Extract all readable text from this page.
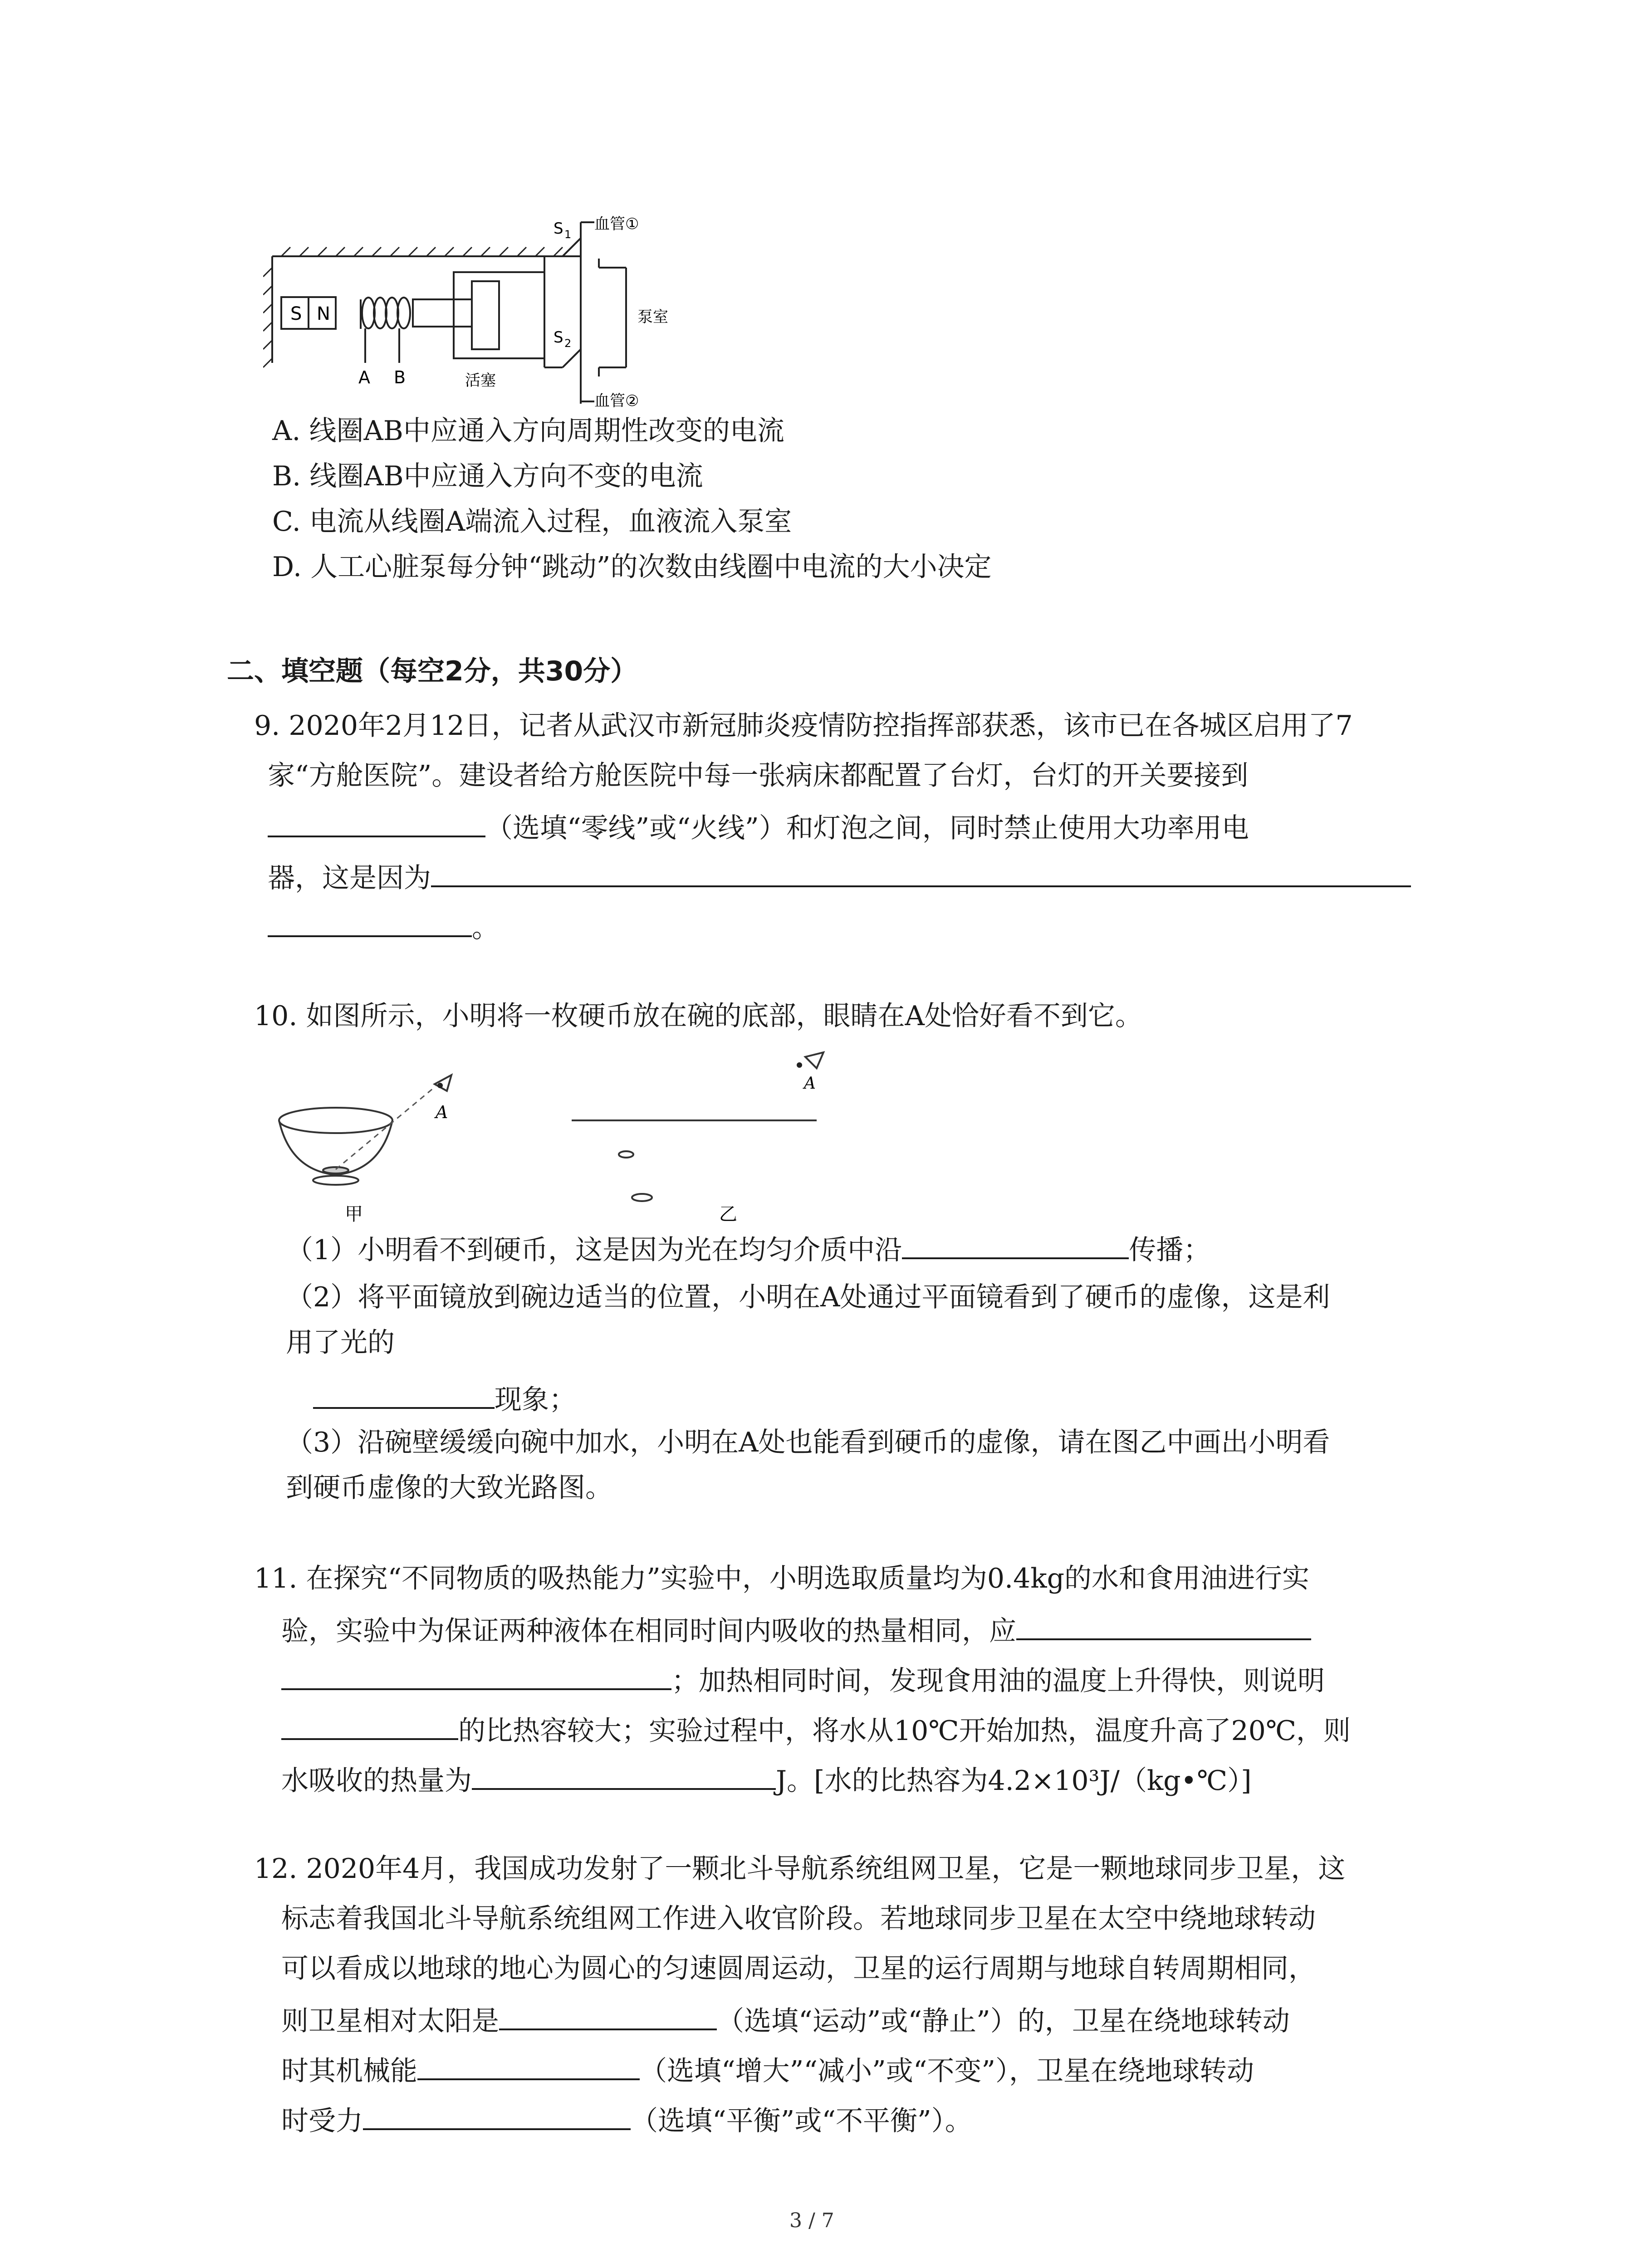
S N
A B	活塞
S 1
S 2
血管①
泵室
血管②
A. 线圈AB中应通入方向周期性改变的电流
B. 线圈AB中应通入方向不变的电流
C. 电流从线圈A端流入过程，血液流入泵室
D. 人工心脏泵每分钟“跳动”的次数由线圈中电流的大小决定
二、填空题（每空2分，共30分）
9. 2020年2月12日，记者从武汉市新冠肺炎疫情防控指挥部获悉，该市已在各城区启用了7
家“方舱医院”。建设者给方舱医院中每一张病床都配置了台灯，台灯的开关要接到
（选填“零线”或“火线”）和灯泡之间，同时禁止使用大功率用电
器，这是因为
。
10. 如图所示，小明将一枚硬币放在碗的底部，眼睛在A处恰好看不到它。
A
甲
A
乙
（1）小明看不到硬币，这是因为光在均匀介质中沿	传播；
（2）将平面镜放到碗边适当的位置，小明在A处通过平面镜看到了硬币的虚像，这是利
用了光的
现象；
（3）沿碗壁缓缓向碗中加水，小明在A处也能看到硬币的虚像，请在图乙中画出小明看
到硬币虚像的大致光路图。
11. 在探究“不同物质的吸热能力”实验中，小明选取质量均为0.4kg的水和食用油进行实
验，实验中为保证两种液体在相同时间内吸收的热量相同，应
；加热相同时间，发现食用油的温度上升得快，则说明
的比热容较大；实验过程中，将水从10℃开始加热，温度升高了20℃，则
水吸收的热量为	J。[水的比热容为4.2×10³J/（kg•℃）]
12. 2020年4月，我国成功发射了一颗北斗导航系统组网卫星，它是一颗地球同步卫星，这
标志着我国北斗导航系统组网工作进入收官阶段。若地球同步卫星在太空中绕地球转动
可以看成以地球的地心为圆心的匀速圆周运动，卫星的运行周期与地球自转周期相同，
则卫星相对太阳是	（选填“运动”或“静止”）的，卫星在绕地球转动
时其机械能	（选填“增大”“减小”或“不变”），卫星在绕地球转动
时受力	（选填“平衡”或“不平衡”）。
3 / 7
